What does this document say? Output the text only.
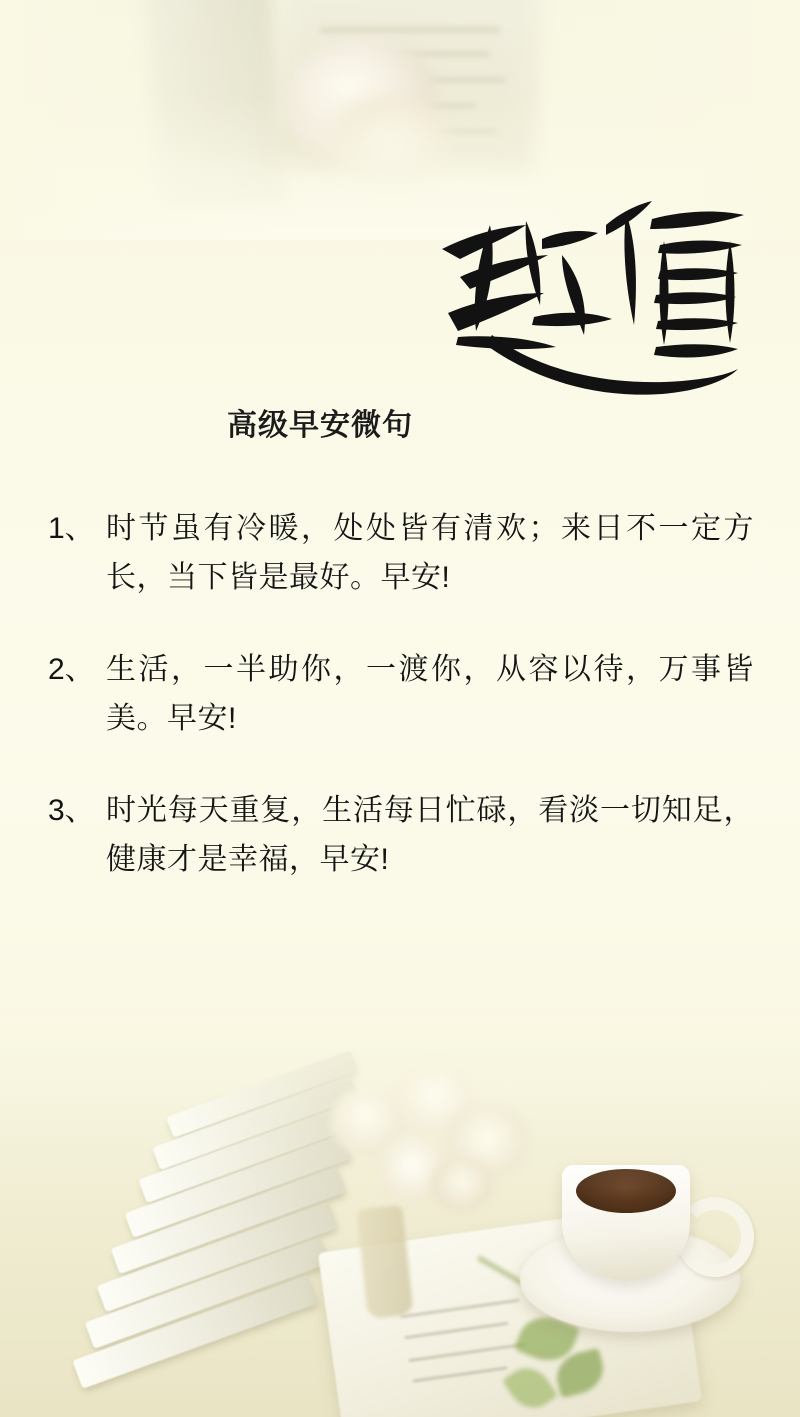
高级早安微句
1、 时节虽有冷暖，处处皆有清欢；来日不一定方长，当下皆是最好。早安!
2、 生活，一半助你，一渡你，从容以待，万事皆美。早安!
3、 时光每天重复，生活每日忙碌，看淡一切知足，健康才是幸福，早安!
